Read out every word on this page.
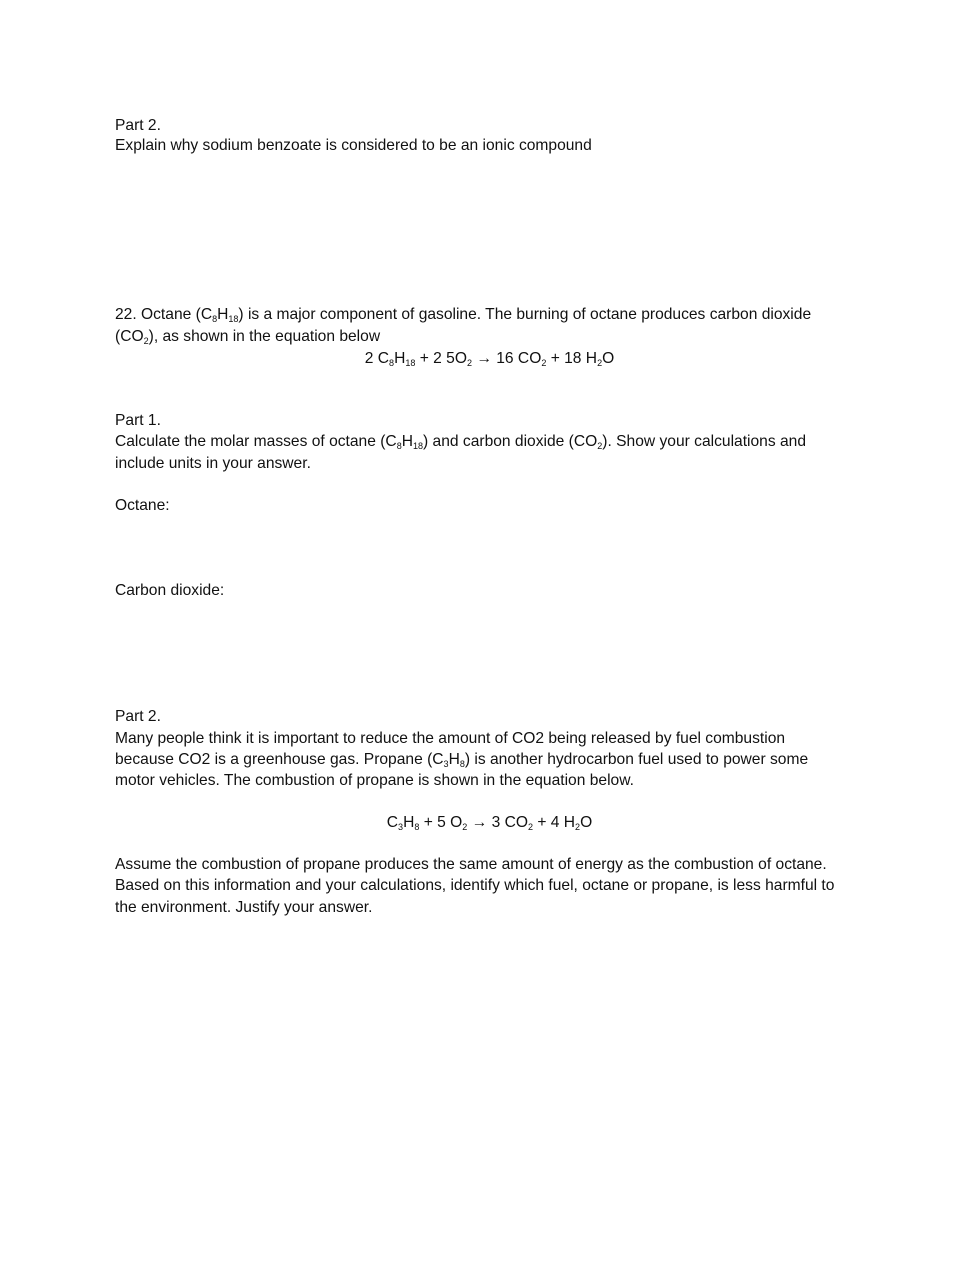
Part 2.
Explain why sodium benzoate is considered to be an ionic compound
22. Octane $(C_8H_{18})$ is a major component of gasoline. The burning of octane produces carbon dioxide
$(CO_2)$, as shown in the equation below
2 $C_8H_{18} + 2$ $5O_2 \to 16$ $CO_2 + 18$ $H_2O$
Part 1.
Calculate the molar masses of octane $(C_8H_{18})$ and carbon dioxide $(CO_2)$. Show your calculations and
include units in your answer.
Octane:
Carbon dioxide:
Part 2.
Many people think it is important to reduce the amount of CO2 being released by fuel combustion
because CO2 is a greenhouse gas. Propane $(C_3H_8)$ is another hydrocarbon fuel used to power some
motor vehicles. The combustion of propane is shown in the equation below.
$C_3H_8 + 5$ $O_2 \to 3$ $CO_2 + 4$ $H_2O$
Assume the combustion of propane produces the same amount of energy as the combustion of octane.
Based on this information and your calculations, identify which fuel, octane or propane, is less harmful to
the environment. Justify your answer.
